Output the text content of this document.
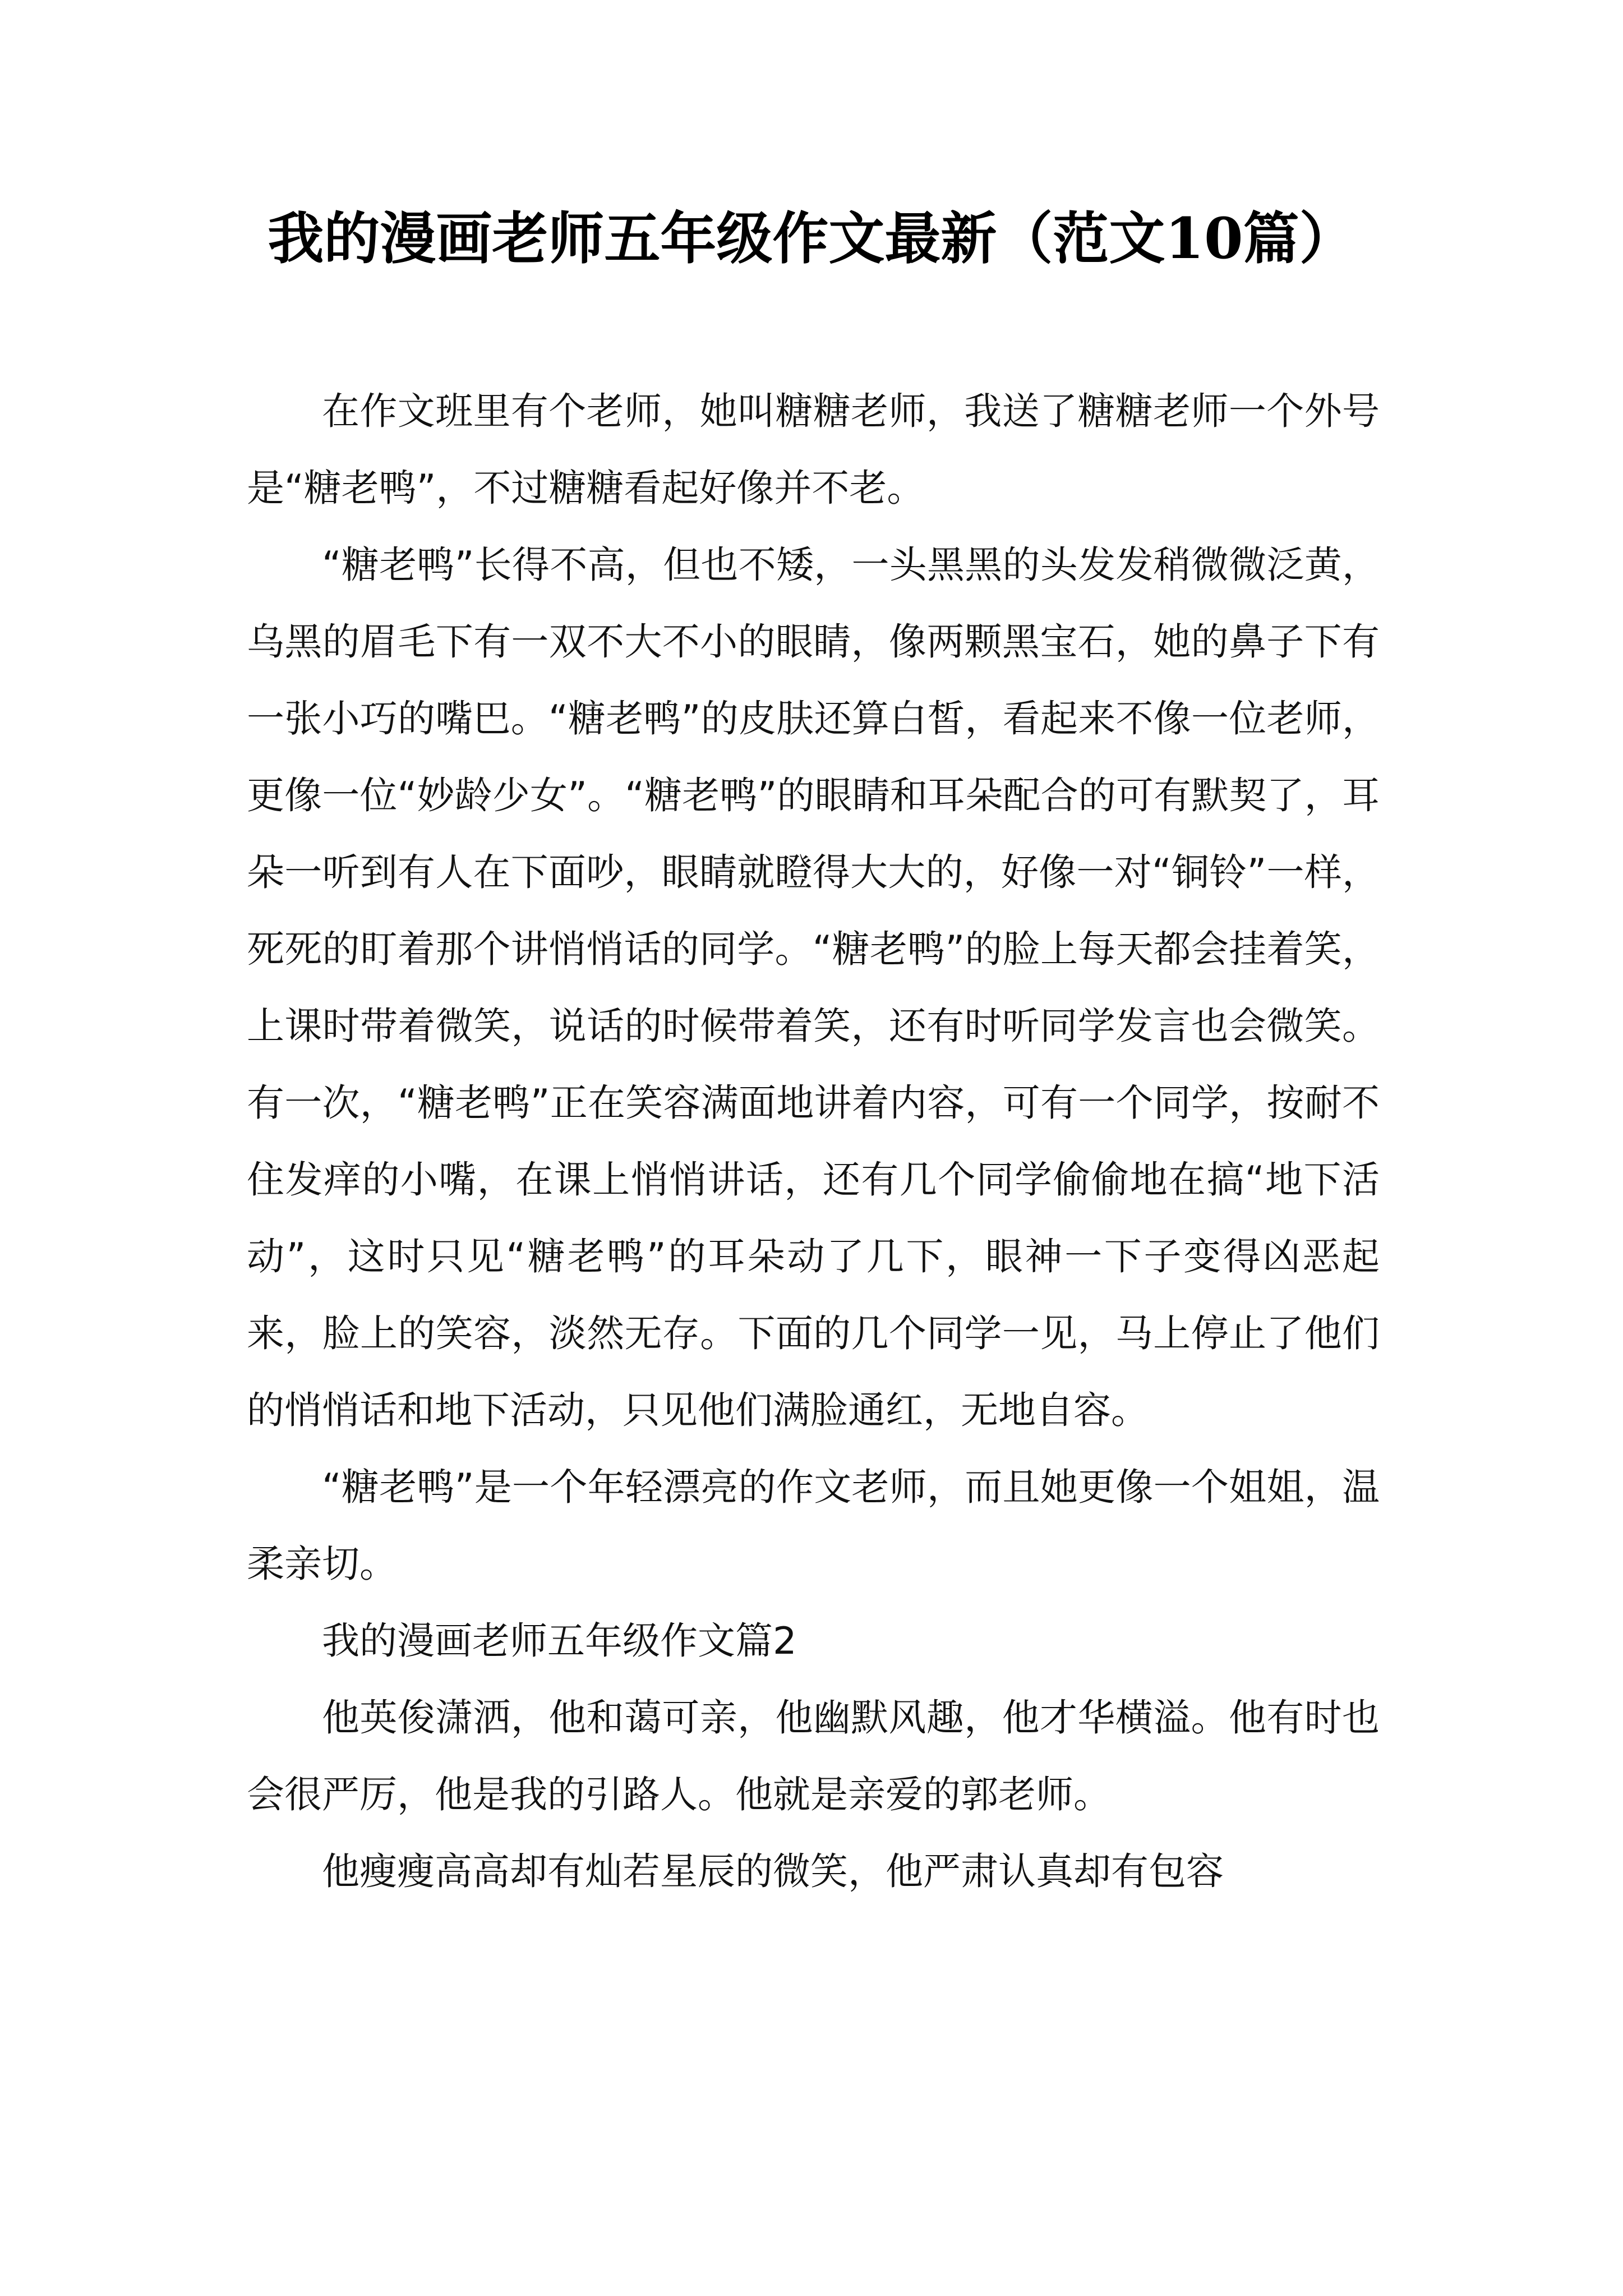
我的漫画老师五年级作文最新（范文10篇）

在作文班里有个老师，她叫糖糖老师，我送了糖糖老师一个外号是“糖老鸭”，不过糖糖看起好像并不老。

“糖老鸭”长得不高，但也不矮，一头黑黑的头发发稍微微泛黄，乌黑的眉毛下有一双不大不小的眼睛，像两颗黑宝石，她的鼻子下有一张小巧的嘴巴。“糖老鸭”的皮肤还算白皙，看起来不像一位老师，更像一位“妙龄少女”。“糖老鸭”的眼睛和耳朵配合的可有默契了，耳朵一听到有人在下面吵，眼睛就瞪得大大的，好像一对“铜铃”一样，死死的盯着那个讲悄悄话的同学。“糖老鸭”的脸上每天都会挂着笑，上课时带着微笑，说话的时候带着笑，还有时听同学发言也会微笑。有一次，“糖老鸭”正在笑容满面地讲着内容，可有一个同学，按耐不住发痒的小嘴，在课上悄悄讲话，还有几个同学偷偷地在搞“地下活动”，这时只见“糖老鸭”的耳朵动了几下，眼神一下子变得凶恶起来，脸上的笑容，淡然无存。下面的几个同学一见，马上停止了他们的悄悄话和地下活动，只见他们满脸通红，无地自容。

“糖老鸭”是一个年轻漂亮的作文老师，而且她更像一个姐姐，温柔亲切。

我的漫画老师五年级作文篇2

他英俊潇洒，他和蔼可亲，他幽默风趣，他才华横溢。他有时也会很严厉，他是我的引路人。他就是亲爱的郭老师。

他瘦瘦高高却有灿若星辰的微笑，他严肃认真却有包容
